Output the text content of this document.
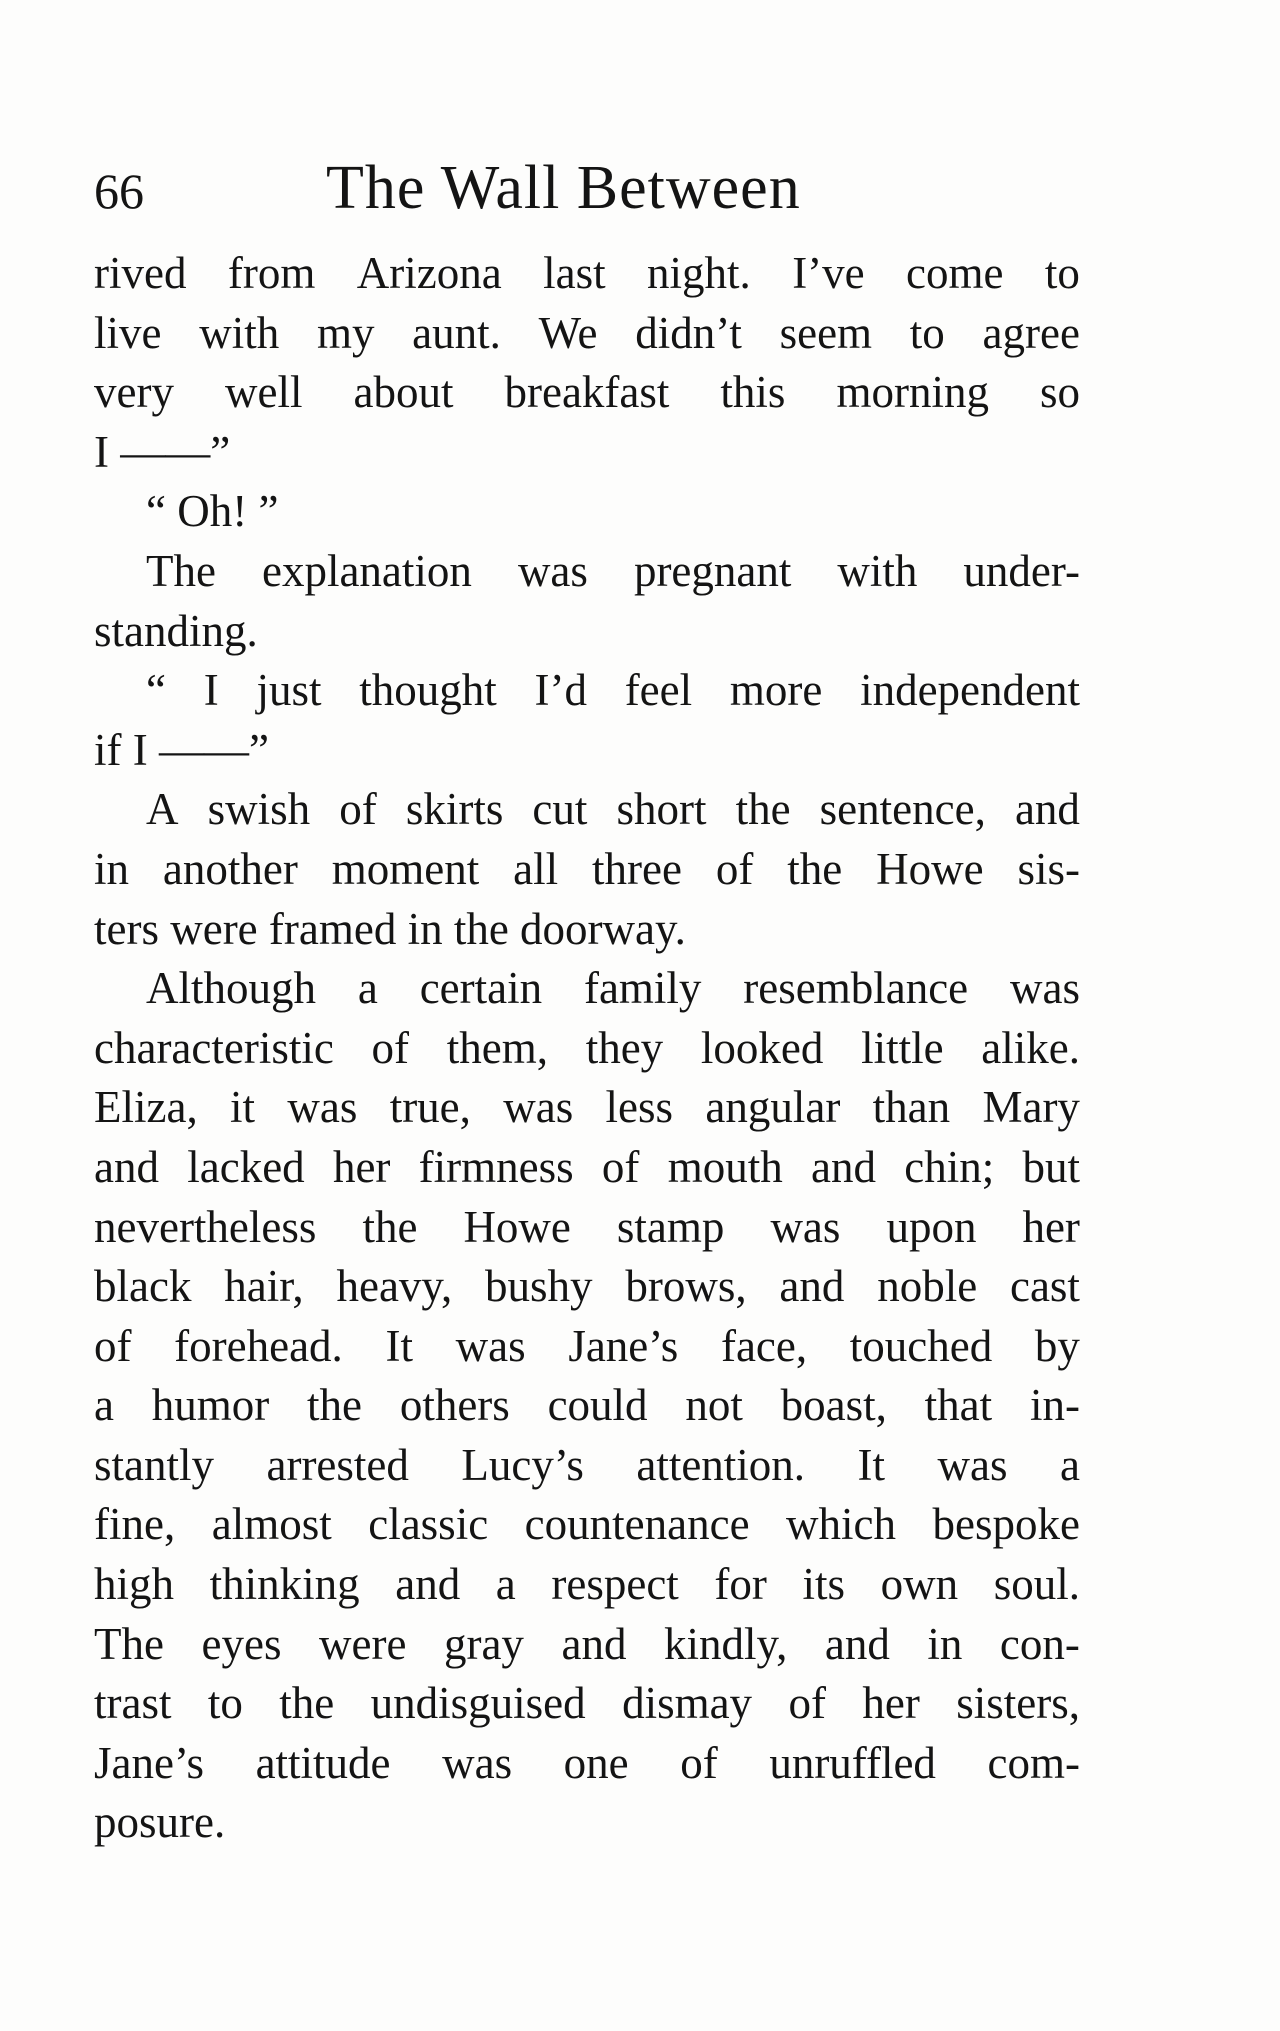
66	The Wall Between
rived from Arizona last night. I’ve come to
live with my aunt. We didn’t seem to agree
very well about breakfast this morning so
I ——”
“ Oh! ”
The explanation was pregnant with under-
standing.
“ I just thought I’d feel more independent
if I ——”
A swish of skirts cut short the sentence, and
in another moment all three of the Howe sis-
ters were framed in the doorway.
Although a certain family resemblance was
characteristic of them, they looked little alike.
Eliza, it was true, was less angular than Mary
and lacked her firmness of mouth and chin; but
nevertheless the Howe stamp was upon her
black hair, heavy, bushy brows, and noble cast
of forehead. It was Jane’s face, touched by
a humor the others could not boast, that in-
stantly arrested Lucy’s attention. It was a
fine, almost classic countenance which bespoke
high thinking and a respect for its own soul.
The eyes were gray and kindly, and in con-
trast to the undisguised dismay of her sisters,
Jane’s attitude was one of unruffled com-
posure.
